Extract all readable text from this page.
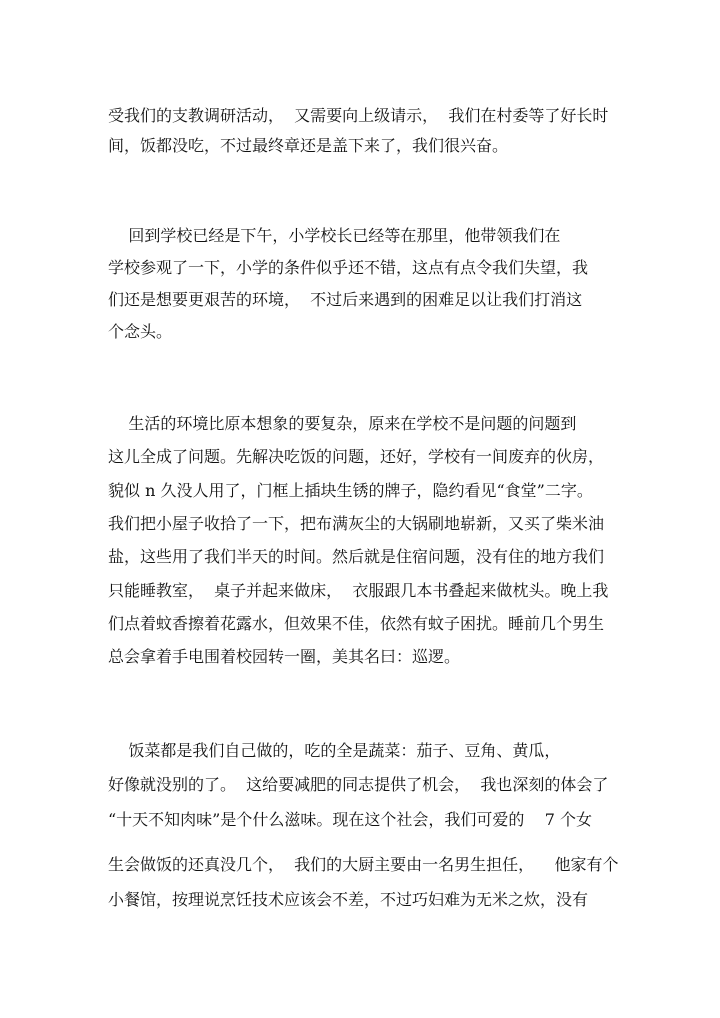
受我们的支教调研活动，  又需要向上级请示，  我们在村委等了好长时
间，饭都没吃，不过最终章还是盖下来了，我们很兴奋。
回到学校已经是下午，小学校长已经等在那里，他带领我们在
学校参观了一下，小学的条件似乎还不错，这点有点令我们失望，我
们还是想要更艰苦的环境，  不过后来遇到的困难足以让我们打消这
个念头。
生活的环境比原本想象的要复杂，原来在学校不是问题的问题到
这儿全成了问题。先解决吃饭的问题，还好，学校有一间废弃的伙房，
貌似 n 久没人用了，门框上插块生锈的牌子，隐约看见“食堂”二字。
我们把小屋子收拾了一下，把布满灰尘的大锅刷地崭新，又买了柴米油
盐，这些用了我们半天的时间。然后就是住宿问题，没有住的地方我们
只能睡教室，  桌子并起来做床，  衣服跟几本书叠起来做枕头。晚上我
们点着蚊香擦着花露水，但效果不佳，依然有蚊子困扰。睡前几个男生
总会拿着手电围着校园转一圈，美其名曰：巡逻。
饭菜都是我们自己做的，吃的全是蔬菜：茄子、豆角、黄瓜，
好像就没别的了。  这给要减肥的同志提供了机会，  我也深刻的体会了
“十天不知肉味”是个什么滋味。现在这个社会，我们可爱的    7 个女
生会做饭的还真没几个，  我们的大厨主要由一名男生担任，    他家有个
小餐馆，按理说烹饪技术应该会不差，不过巧妇难为无米之炊，没有
